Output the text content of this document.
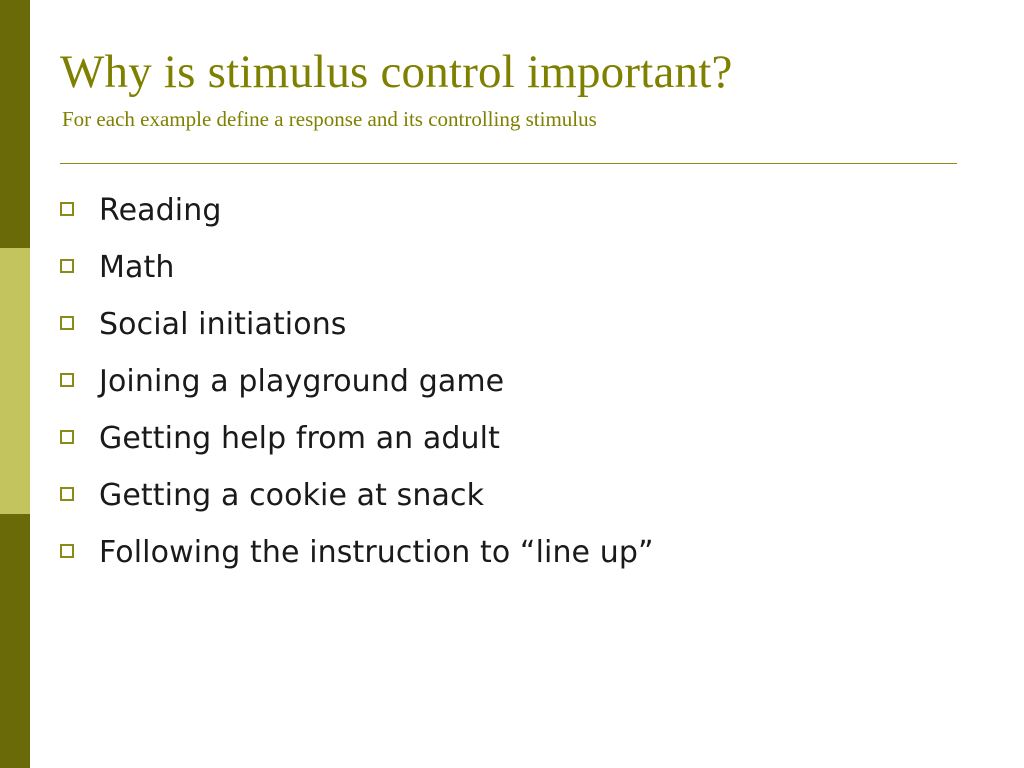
Why is stimulus control important?
For each example define a response and its controlling stimulus
Reading
Math
Social initiations
Joining a playground game
Getting help from an adult
Getting a cookie at snack
Following the instruction to “line up”
